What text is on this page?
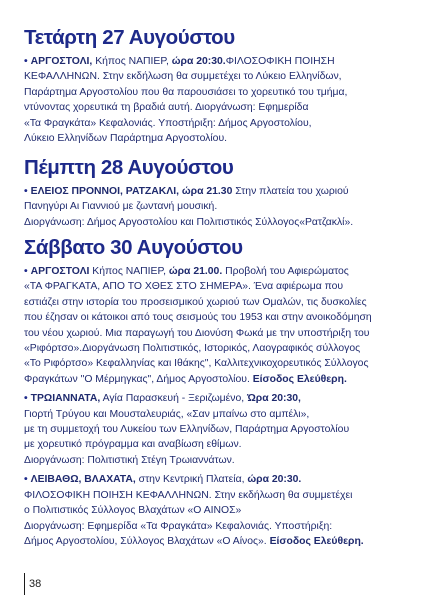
Τετάρτη 27 Αυγούστου

• ΑΡΓΟΣΤΟΛΙ, Κήπος ΝΑΠΙΕΡ, ώρα 20:30.ΦΙΛΟΣΟΦΙΚΗ ΠΟΙΗΣΗ

ΚΕΦΑΛΛΗΝΩΝ. Στην εκδήλωση θα συμμετέχει το Λύκειο Ελληνίδων,

Παράρτημα Αργοστολίου που θα παρουσιάσει το χορευτικό του τμήμα,

ντύνοντας χορευτικά τη βραδιά αυτή. Διοργάνωση: Εφημερίδα

«Τα Φραγκάτα» Κεφαλονιάς. Υποστήριξη: Δήμος Αργοστολίου,

Λύκειο Ελληνίδων Παράρτημα Αργοστολίου.

Πέμπτη 28 Αυγούστου

• ΕΛΕΙΟΣ ΠΡΟΝΝΟΙ, ΡΑΤΖΑΚΛΙ, ώρα 21.30 Στην πλατεία του χωριού

Πανηγύρι Αι Γιαννιού με ζωντανή μουσική.

Διοργάνωση: Δήμος Αργοστολίου και Πολιτιστικός Σύλλογος«Ρατζακλί».

Σάββατο 30 Αυγούστου

• ΑΡΓΟΣΤΟΛΙ Κήπος ΝΑΠΙΕΡ, ώρα 21.00. Προβολή του Αφιερώματος

«ΤΑ ΦΡΑΓΚΑΤΑ, ΑΠΟ ΤΟ ΧΘΕΣ ΣΤΟ ΣΗΜΕΡΑ». Ένα αφιέρωμα που

εστιάζει στην ιστορία του προσεισμικού χωριού των Ομαλών, τις δυσκολίες

που έζησαν οι κάτοικοι από τους σεισμούς του 1953 και στην ανοικοδόμηση

του νέου χωριού. Μια παραγωγή του Διονύση Φωκά με την υποστήριξη του

«Ριφόρτσο».Διοργάνωση Πολιτιστικός, Ιστορικός, Λαογραφικός σύλλογος

«Το Ριφόρτσο» Κεφαλληνίας και Ιθάκης", Καλλιτεχνικοχορευτικός Σύλλογος

Φραγκάτων "Ο Μέρμηγκας", Δήμος Αργοστολίου. Είσοδος Ελεύθερη.

• ΤΡΩΙΑΝΝΑΤΑ, Αγία Παρασκευή - Ξεριζωμένο, Ώρα 20:30,

Γιορτή Τρύγου και Μουσταλευριάς, «Σαν μπαίνω στο αμπέλι»,

με τη συμμετοχή του Λυκείου των Ελληνίδων, Παράρτημα Αργοστολίου

με χορευτικό πρόγραμμα και αναβίωση εθίμων.

Διοργάνωση: Πολιτιστική Στέγη Τρωιαννάτων.

• ΛΕΙΒΑΘΩ, ΒΛΑΧΑΤΑ, στην Κεντρική Πλατεία, ώρα 20:30.

ΦΙΛΟΣΟΦΙΚΗ ΠΟΙΗΣΗ ΚΕΦΑΛΛΗΝΩΝ. Στην εκδήλωση θα συμμετέχει

ο Πολιτιστικός Σύλλογος Βλαχάτων «Ο ΑΙΝΟΣ»

Διοργάνωση: Εφημερίδα «Τα Φραγκάτα» Κεφαλονιάς. Υποστήριξη:

Δήμος Αργοστολίου, Σύλλογος Βλαχάτων «Ο Αίνος». Είσοδος Ελεύθερη.

38
